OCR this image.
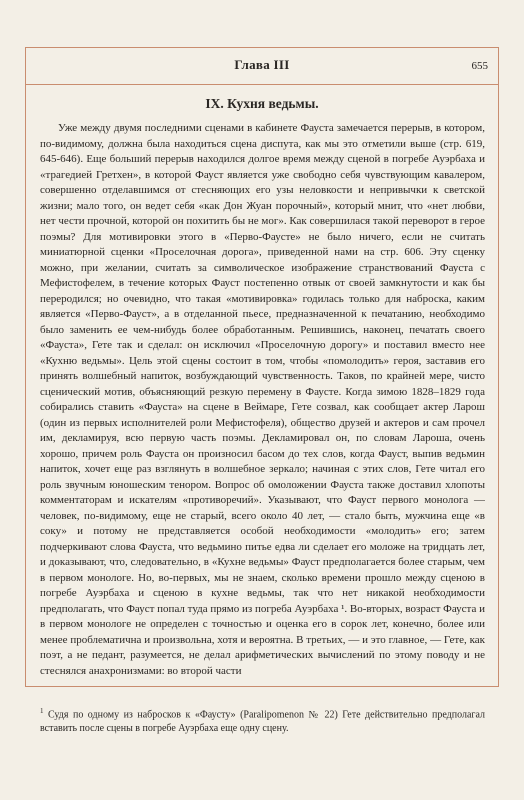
Глава III	655
IX. Кухня ведьмы.

Уже между двумя последними сценами в кабинете Фауста замечается перерыв, в котором, по-видимому, должна была находиться сцена диспута, как мы это отметили выше (стр. 619, 645-646). Еще больший перерыв находился долгое время между сценой в погребе Ауэрбаха и «трагедией Гретхен», в которой Фауст является уже свободно себя чувствующим кавалером, совершенно отделавшимся от стесняющих его узы неловкости и непривычки к светской жизни; мало того, он ведет себя «как Дон Жуан порочный», который мнит, что «нет любви, нет чести прочной, которой он похитить бы не мог». Как совершилася такой переворот в герое поэмы? Для мотивировки этого в «Перво-Фаусте» не было ничего, если не считать миниатюрной сценки «Проселочная дорога», приведенной нами на стр. 606. Эту сценку можно, при желании, считать за символическое изображение странствований Фауста с Мефистофелем, в течение которых Фауст постепенно отвык от своей замкнутости и как бы переродился; но очевидно, что такая «мотивировка» годилась только для наброска, каким является «Перво-Фауст», а в отделанной пьесе, предназначенной к печатанию, необходимо было заменить ее чем-нибудь более обработанным. Решившись, наконец, печатать своего «Фауста», Гете так и сделал: он исключил «Проселочную дорогу» и поставил вместо нее «Кухню ведьмы». Цель этой сцены состоит в том, чтобы «помолодить» героя, заставив его принять волшебный напиток, возбуждающий чувственность. Таков, по крайней мере, чисто сценический мотив, объясняющий резкую перемену в Фаусте. Когда зимою 1828–1829 года собирались ставить «Фауста» на сцене в Веймаре, Гете созвал, как сообщает актер Ларош (один из первых исполнителей роли Мефистофеля), общество друзей и актеров и сам прочел им, декламируя, всю первую часть поэмы. Декламировал он, по словам Лароша, очень хорошо, причем роль Фауста он произносил басом до тех слов, когда Фауст, выпив ведьмин напиток, хочет еще раз взглянуть в волшебное зеркало; начиная с этих слов, Гете читал его роль звучным юношеским тенором. Вопрос об омоложении Фауста также доставил хлопоты комментаторам и искателям «противоречий». Указывают, что Фауст первого монолога — человек, по-видимому, еще не старый, всего около 40 лет, — стало быть, мужчина еще «в соку» и потому не представляется особой необходимости «молодить» его; затем подчеркивают слова Фауста, что ведьмино питье едва ли сделает его моложе на тридцать лет, и доказывают, что, следовательно, в «Кухне ведьмы» Фауст предполагается более старым, чем в первом монологе. Но, во-первых, мы не знаем, сколько времени прошло между сценою в погребе Ауэрбаха и сценою в кухне ведьмы, так что нет никакой необходимости предполагать, что Фауст попал туда прямо из погреба Ауэрбаха ¹. Во-вторых, возраст Фауста и в первом монологе не определен с точностью и оценка его в сорок лет, конечно, более или менее проблематична и произвольна, хотя и вероятна. В третьих, — и это главное, — Гете, как поэт, а не педант, разумеется, не делал арифметических вычислений по этому поводу и не стеснялся анахронизмами: во второй части

$^1$ Судя по одному из набросков к «Фаусту» (Paralipomenon № 22) Гете действительно предполагал вставить после сцены в погребе Ауэрбаха еще одну сцену.
